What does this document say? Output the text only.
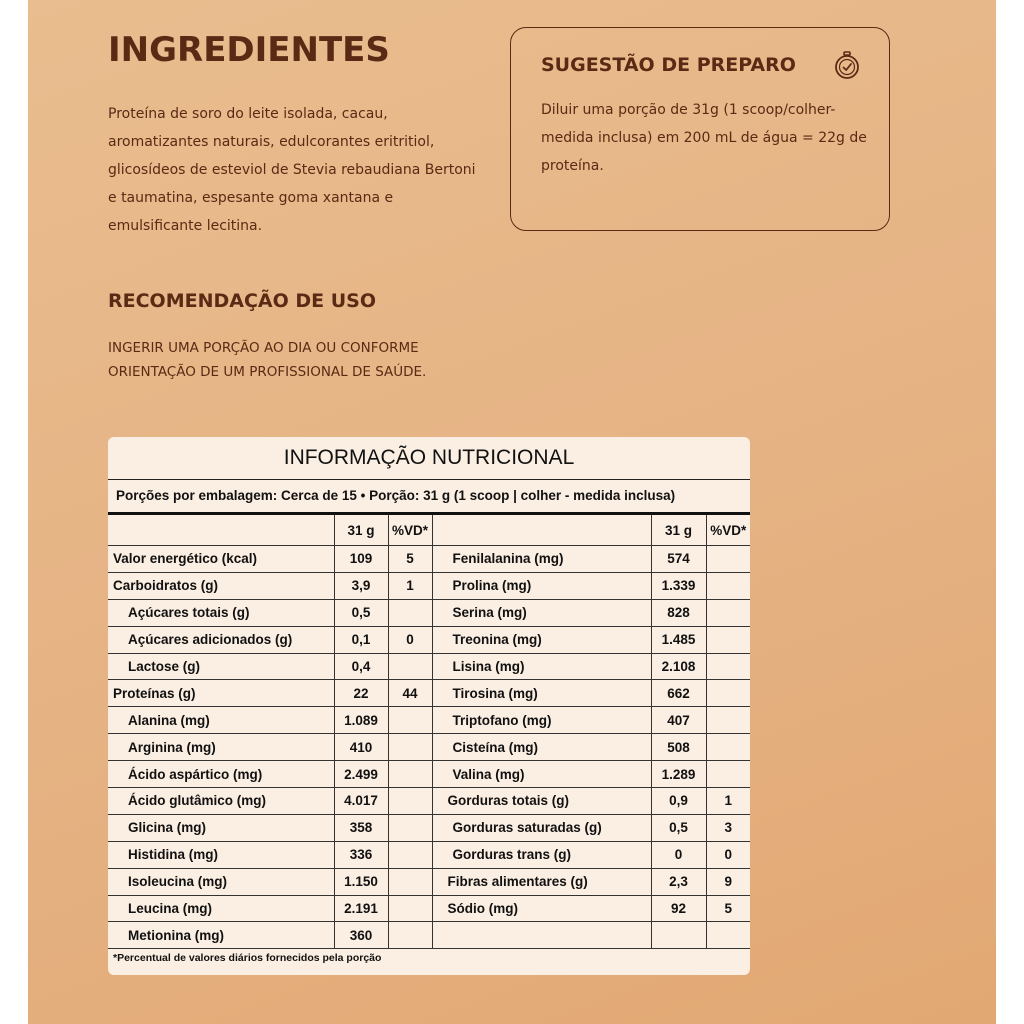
INGREDIENTES
Proteína de soro do leite isolada, cacau, aromatizantes naturais, edulcorantes eritritiol, glicosídeos de esteviol de Stevia rebaudiana Bertoni e taumatina, espesante goma xantana e emulsificante lecitina.
SUGESTÃO DE PREPARO
Diluir uma porção de 31g (1 scoop/colher-medida inclusa) em 200 mL de água = 22g de proteína.
RECOMENDAÇÃO DE USO
INGERIR UMA PORÇÃO AO DIA OU CONFORME ORIENTAÇÃO DE UM PROFISSIONAL DE SAÚDE.
INFORMAÇÃO NUTRICIONAL
Porções por embalagem: Cerca de 15 • Porção: 31 g (1 scoop | colher - medida inclusa)
	31 g	%VD*		31 g	%VD*
Valor energético (kcal)	109	5	Fenilalanina (mg)	574	
Carboidratos (g)	3,9	1	Prolina (mg)	1.339	
Açúcares totais (g)	0,5		Serina (mg)	828	
Açúcares adicionados (g)	0,1	0	Treonina (mg)	1.485	
Lactose (g)	0,4		Lisina (mg)	2.108	
Proteínas (g)	22	44	Tirosina (mg)	662	
Alanina (mg)	1.089		Triptofano (mg)	407	
Arginina (mg)	410		Cisteína (mg)	508	
Ácido aspártico (mg)	2.499		Valina (mg)	1.289	
Ácido glutâmico (mg)	4.017		Gorduras totais (g)	0,9	1
Glicina (mg)	358		Gorduras saturadas (g)	0,5	3
Histidina (mg)	336		Gorduras trans (g)	0	0
Isoleucina (mg)	1.150		Fibras alimentares (g)	2,3	9
Leucina (mg)	2.191		Sódio (mg)	92	5
Metionina (mg)	360				
*Percentual de valores diários fornecidos pela porção
